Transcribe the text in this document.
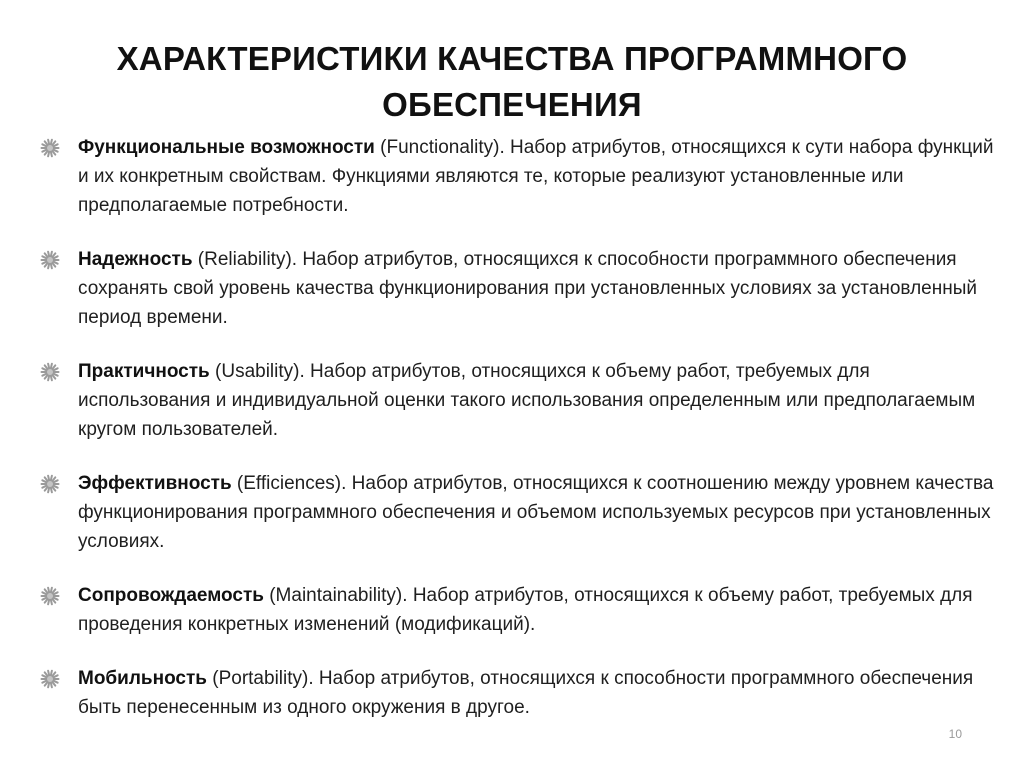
ХАРАКТЕРИСТИКИ КАЧЕСТВА ПРОГРАММНОГО ОБЕСПЕЧЕНИЯ
Функциональные возможности (Functionality). Набор атрибутов, относящихся к сути набора функций и их конкретным свойствам. Функциями являются те, которые реализуют установленные или предполагаемые потребности.
Надежность (Reliability). Набор атрибутов, относящихся к способности программного обеспечения сохранять свой уровень качества функционирования при установленных условиях за установленный период времени.
Практичность (Usability). Набор атрибутов, относящихся к объему работ, требуемых для использования и индивидуальной оценки такого использования определенным или предполагаемым кругом пользователей.
Эффективность (Efficiences). Набор атрибутов, относящихся к соотношению между уровнем качества функционирования программного обеспечения и объемом используемых ресурсов при установленных условиях.
Сопровождаемость (Maintainability). Набор атрибутов, относящихся к объему работ, требуемых для проведения конкретных изменений (модификаций).
Мобильность (Portability). Набор атрибутов, относящихся к способности программного обеспечения быть перенесенным из одного окружения в другое.
10
